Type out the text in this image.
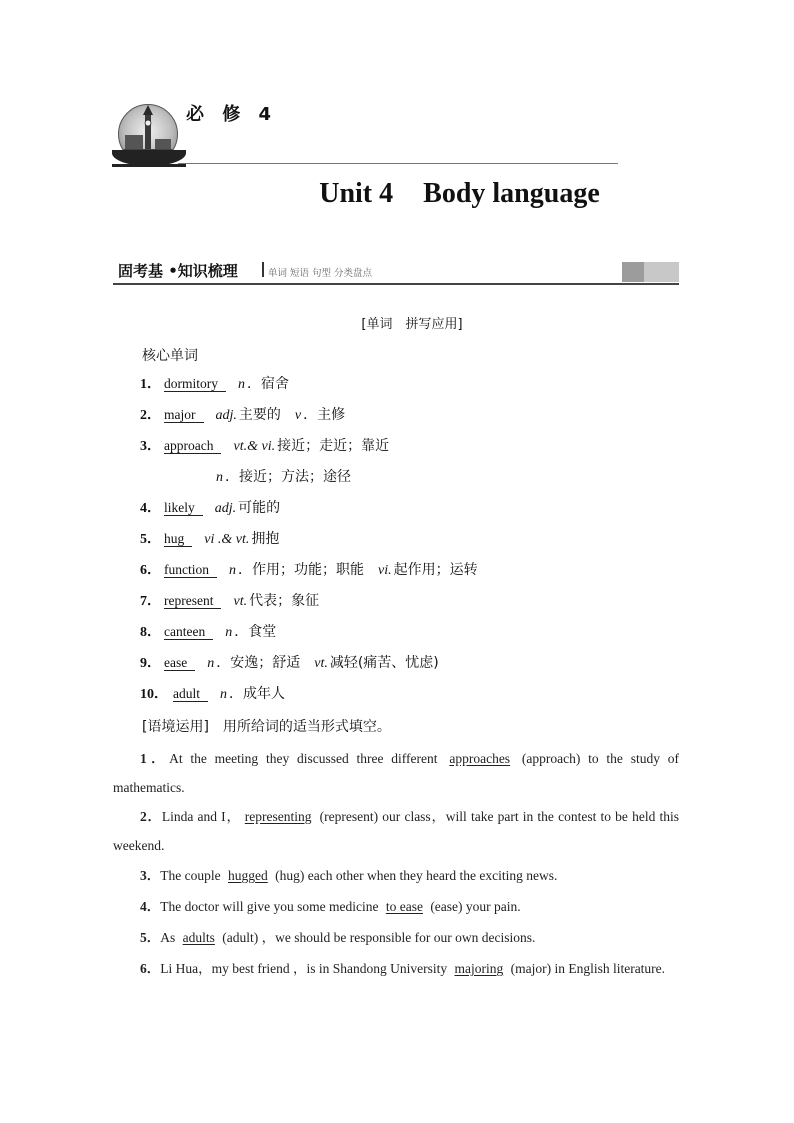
必 修 4
Unit 4 Body language
固考基 •知识梳理	单词 短语 句型 分类盘点
[单词　拼写应用]
核心单词
1． dormitory n ．宿舍
2． major adj. 主要的 v ．主修
3． approach vt.& vi. 接近；走近；靠近
n ．接近；方法；途径
4． likely adj. 可能的
5． hug vi .& vt. 拥抱
6． function n ．作用；功能；职能 vi. 起作用；运转
7． represent vt. 代表；象征
8． canteen n ．食堂
9． ease n ．安逸；舒适 vt. 减轻(痛苦、忧虑)
10． adult n ．成年人
[语境运用]　用所给词的适当形式填空。
1．At the meeting they discussed three different approaches (approach) to the study of mathematics.
2．Linda and I， representing (represent) our class，will take part in the contest to be held this weekend.
3．The couple hugged (hug) each other when they heard the exciting news.
4．The doctor will give you some medicine to ease (ease) your pain.
5．As adults (adult) ，we should be responsible for our own decisions.
6．Li Hua，my best friend ，is in Shandong University majoring (major) in English literature.
